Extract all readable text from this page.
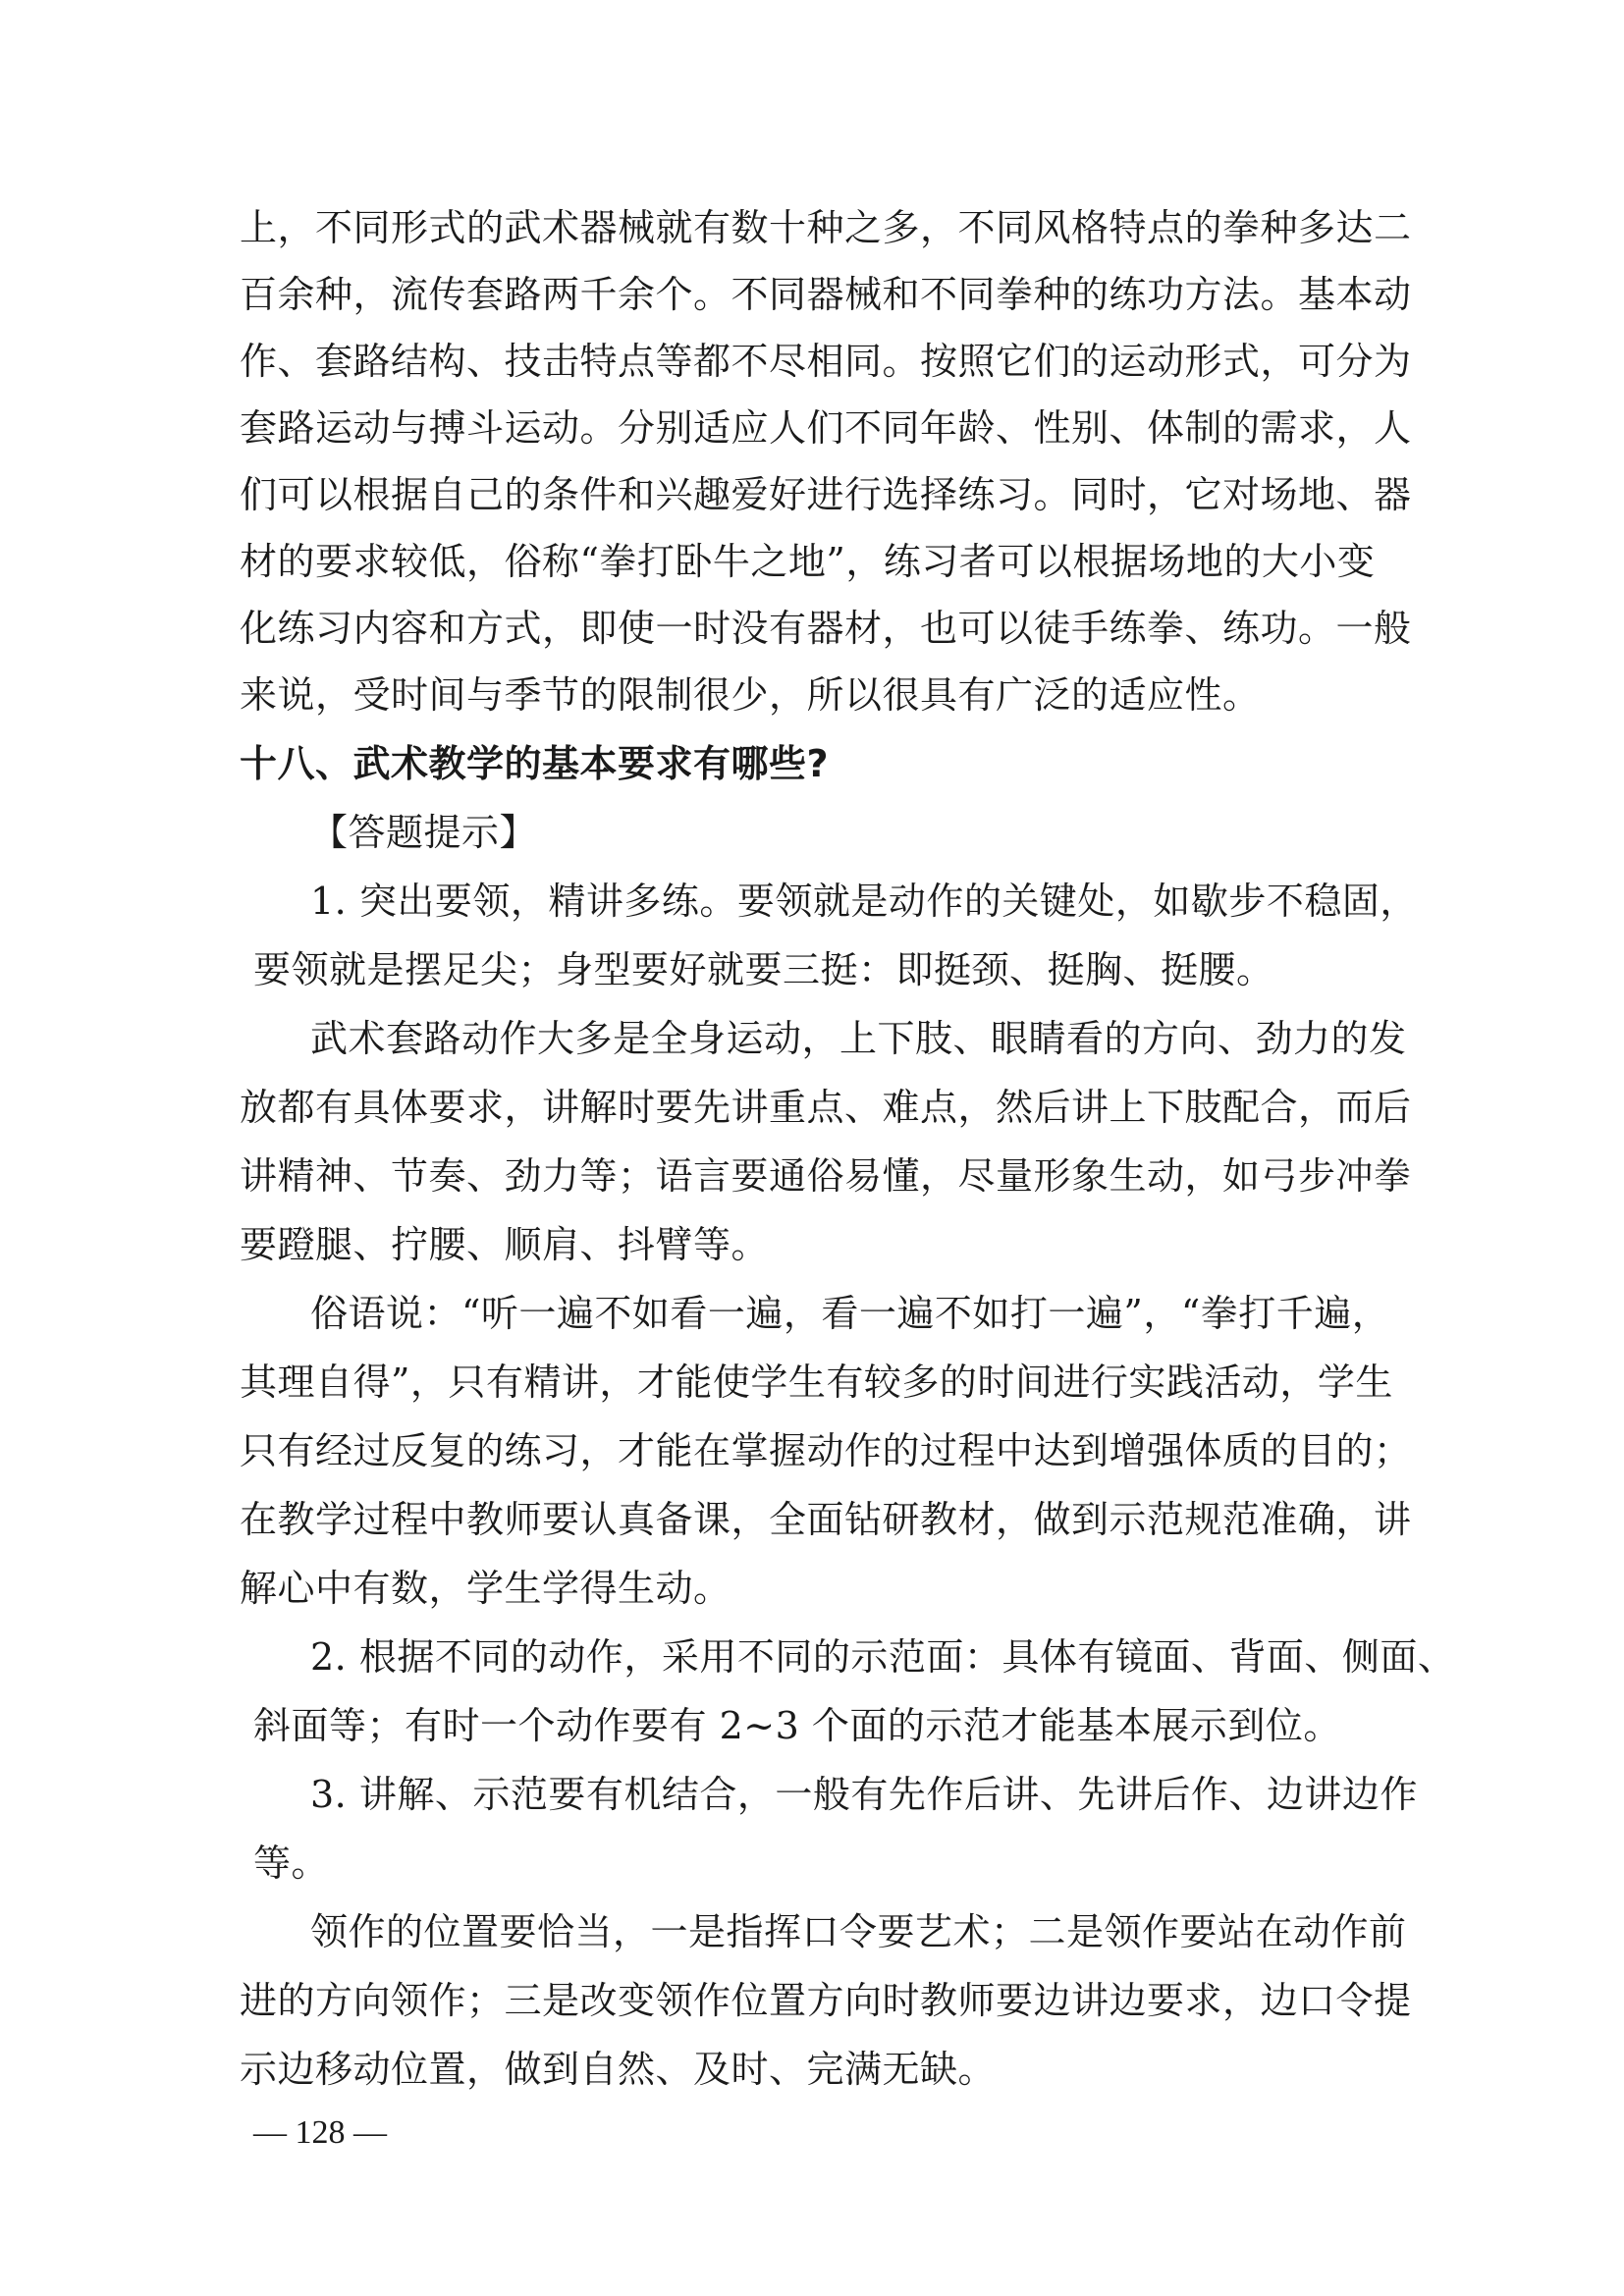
上，不同形式的武术器械就有数十种之多，不同风格特点的拳种多达二
百余种，流传套路两千余个。不同器械和不同拳种的练功方法。基本动
作、套路结构、技击特点等都不尽相同。按照它们的运动形式，可分为
套路运动与搏斗运动。分别适应人们不同年龄、性别、体制的需求，人
们可以根据自己的条件和兴趣爱好进行选择练习。同时，它对场地、器
材的要求较低，俗称“拳打卧牛之地”，练习者可以根据场地的大小变
化练习内容和方式，即使一时没有器材，也可以徒手练拳、练功。一般
来说，受时间与季节的限制很少，所以很具有广泛的适应性。
十八、武术教学的基本要求有哪些?
【答题提示】
1. 突出要领，精讲多练。要领就是动作的关键处，如歇步不稳固，
要领就是摆足尖；身型要好就要三挺：即挺颈、挺胸、挺腰。
武术套路动作大多是全身运动，上下肢、眼睛看的方向、劲力的发
放都有具体要求，讲解时要先讲重点、难点，然后讲上下肢配合，而后
讲精神、节奏、劲力等；语言要通俗易懂，尽量形象生动，如弓步冲拳
要蹬腿、拧腰、顺肩、抖臂等。
俗语说：“听一遍不如看一遍，看一遍不如打一遍”，“拳打千遍，
其理自得”，只有精讲，才能使学生有较多的时间进行实践活动，学生
只有经过反复的练习，才能在掌握动作的过程中达到增强体质的目的；
在教学过程中教师要认真备课，全面钻研教材，做到示范规范准确，讲
解心中有数，学生学得生动。
2. 根据不同的动作，采用不同的示范面：具体有镜面、背面、侧面、
斜面等；有时一个动作要有 2~3 个面的示范才能基本展示到位。
3. 讲解、示范要有机结合，一般有先作后讲、先讲后作、边讲边作
等。
领作的位置要恰当，一是指挥口令要艺术；二是领作要站在动作前
进的方向领作；三是改变领作位置方向时教师要边讲边要求，边口令提
示边移动位置，做到自然、及时、完满无缺。
— 128 —
